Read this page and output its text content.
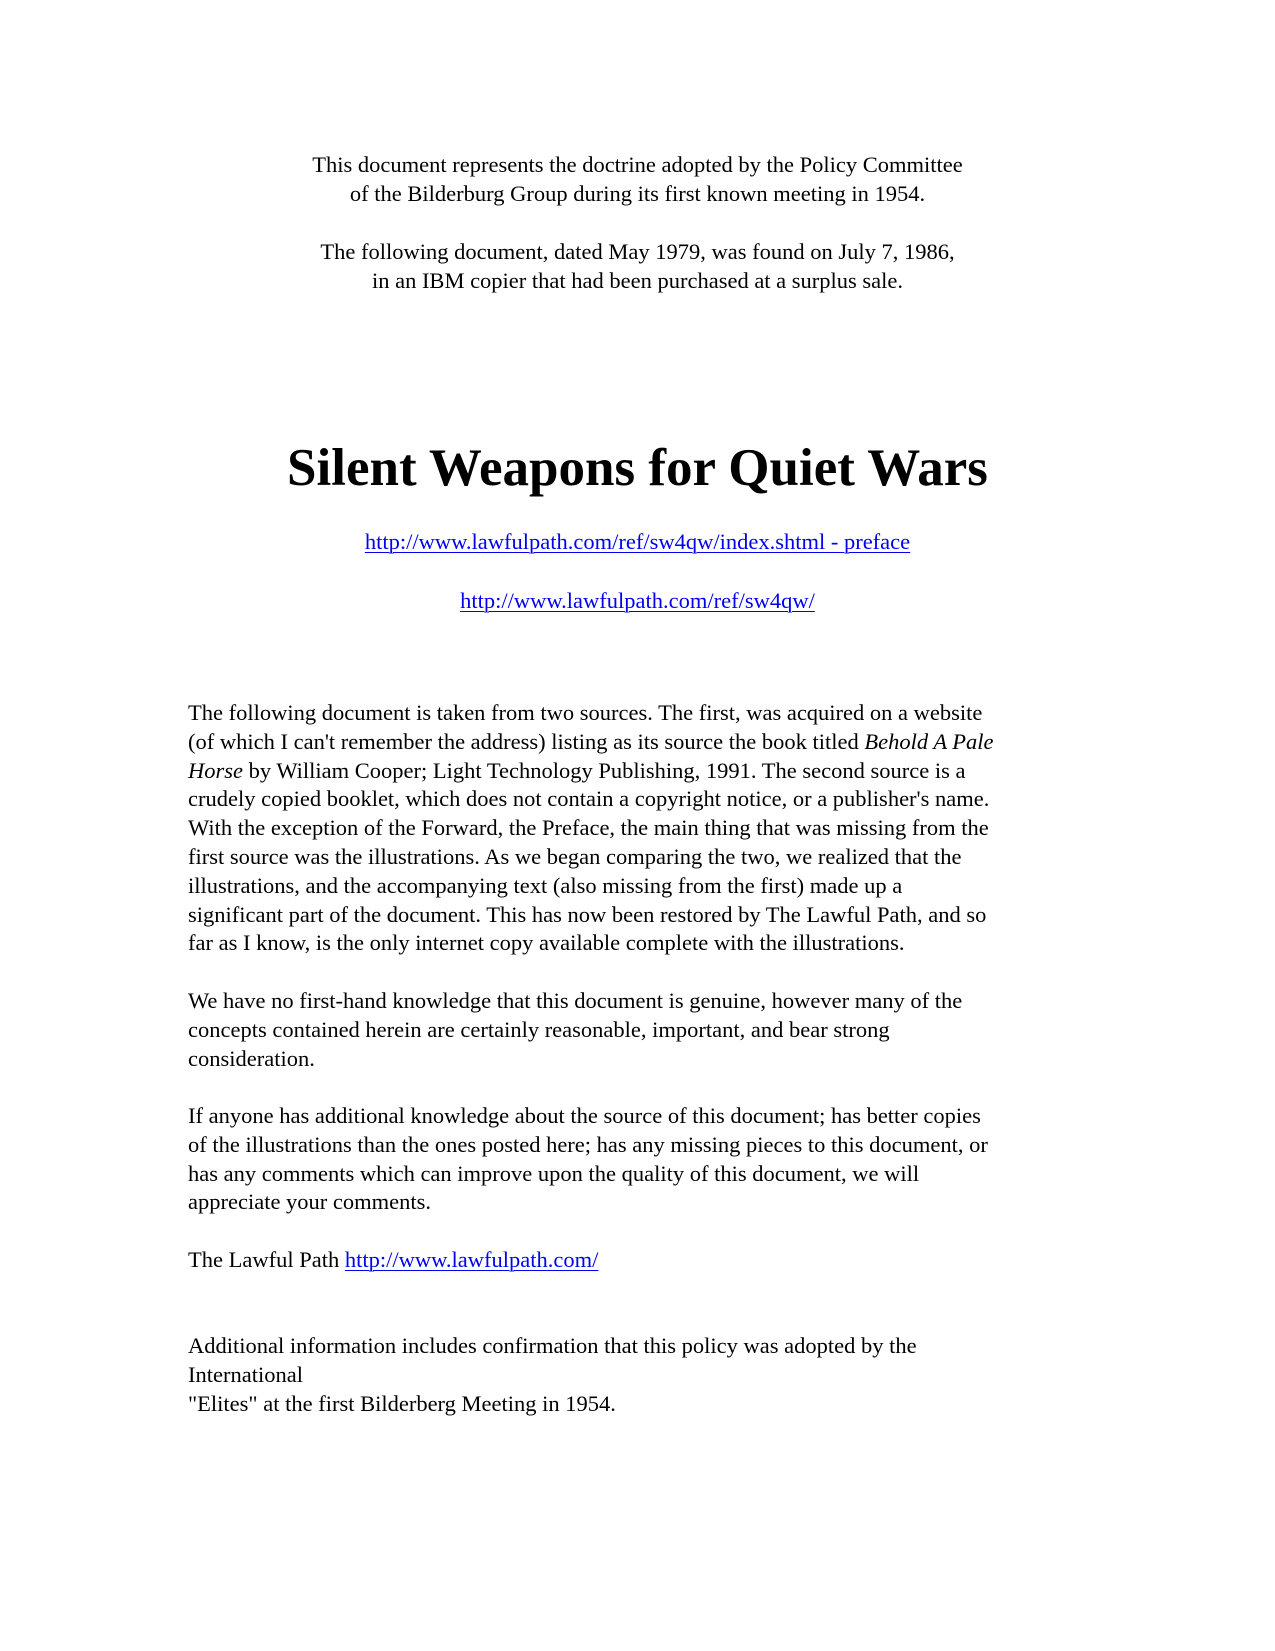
This document represents the doctrine adopted by the Policy Committee

of the Bilderburg Group during its first known meeting in 1954.

The following document, dated May 1979, was found on July 7, 1986,

in an IBM copier that had been purchased at a surplus sale.

Silent Weapons for Quiet Wars
http://www.lawfulpath.com/ref/sw4qw/index.shtml - preface
http://www.lawfulpath.com/ref/sw4qw/
The following document is taken from two sources. The first, was acquired on a website
(of which I can't remember the address) listing as its source the book titled Behold A Pale
Horse by William Cooper; Light Technology Publishing, 1991. The second source is a
crudely copied booklet, which does not contain a copyright notice, or a publisher's name.
With the exception of the Forward, the Preface, the main thing that was missing from the
first source was the illustrations. As we began comparing the two, we realized that the
illustrations, and the accompanying text (also missing from the first) made up a
significant part of the document. This has now been restored by The Lawful Path, and so
far as I know, is the only internet copy available complete with the illustrations.
We have no first-hand knowledge that this document is genuine, however many of the
concepts contained herein are certainly reasonable, important, and bear strong
consideration.
If anyone has additional knowledge about the source of this document; has better copies
of the illustrations than the ones posted here; has any missing pieces to this document, or
has any comments which can improve upon the quality of this document, we will
appreciate your comments.
The Lawful Path http://www.lawfulpath.com/
Additional information includes confirmation that this policy was adopted by the
International
"Elites" at the first Bilderberg Meeting in 1954.
